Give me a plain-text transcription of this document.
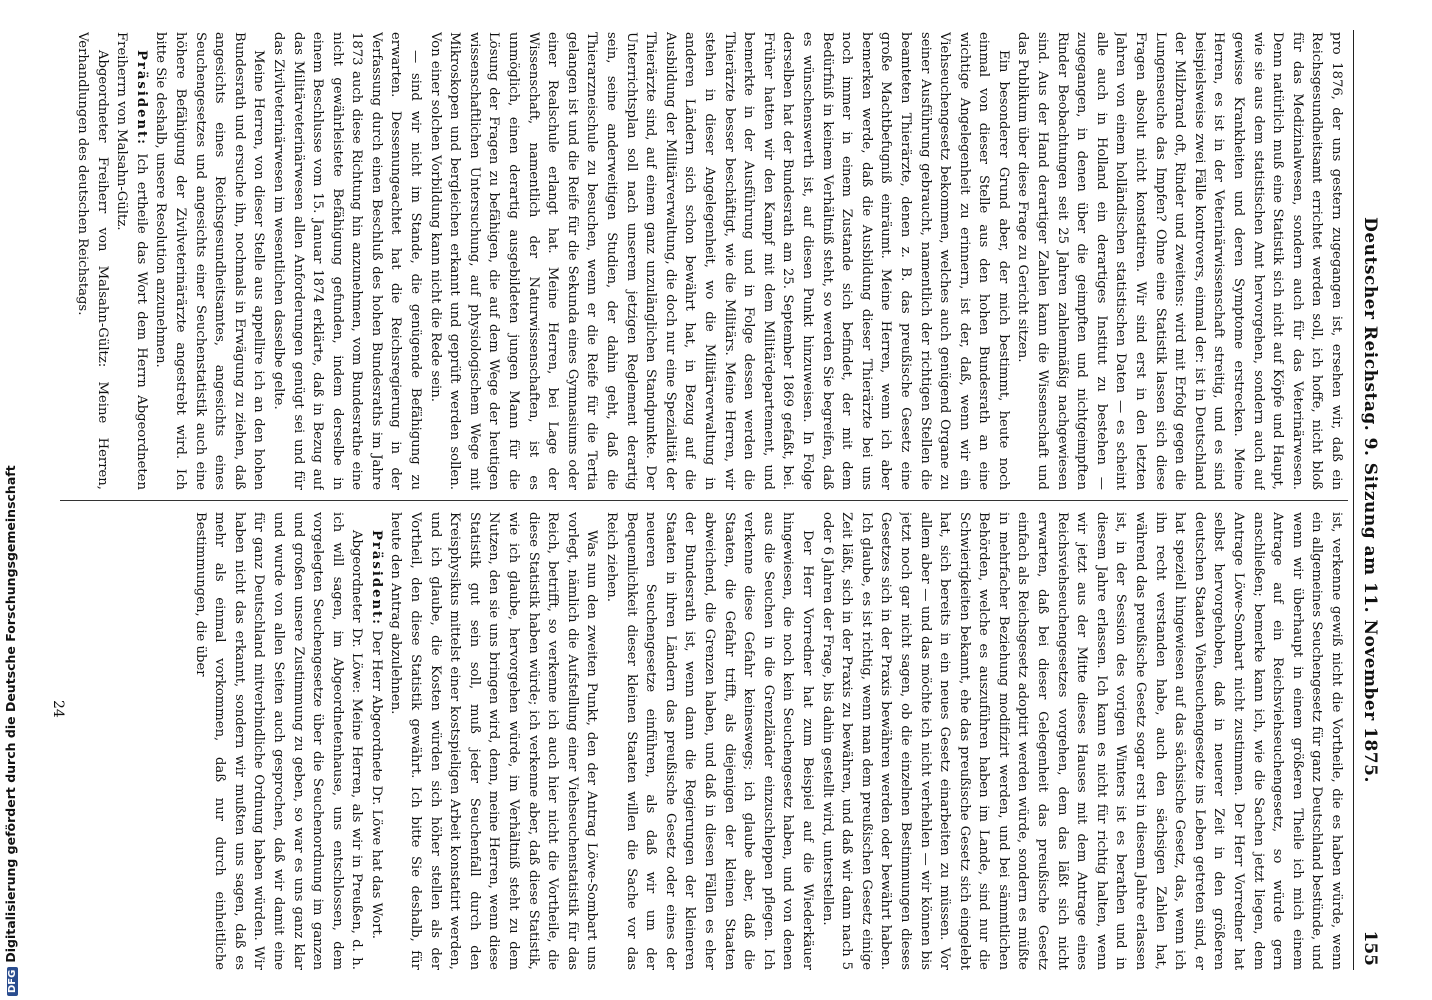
Deutscher Reichstag. 9. Sitzung am 11. November 1875.
155

pro 1876, der uns gestern zugegangen ist, ersehen wir, daß ein Reichsgesundheitsamt errichtet werden soll, ich hoffe, nicht bloß für das Medizinalwesen, sondern auch für das Veterinärwesen. Denn natürlich muß eine Statistik sich nicht auf Köpfe und Haupt, wie sie aus dem statistischen Amt hervorgehen, sondern auch auf gewisse Krankheiten und deren Symptome erstrecken. Meine Herren, es ist in der Veterinärwissenschaft streitig, und es sind beispielsweise zwei Fälle kontrovers, einmal der: ist in Deutschland der Milzbrand oft, Rinder und zweitens: wird mit Erfolg gegen die Lungenseuche das Impfen? Ohne eine Statistik lassen sich diese Fragen absolut nicht konstatiren. Wir sind erst in den letzten Jahren von einem holländischen statistischen Daten — es scheint alle auch in Holland ein derartiges Institut zu bestehen — zugegangen, in denen über die geimpften und nichtgeimpften Rinder Beobachtungen seit 25 Jahren zahlenmäßig nachgewiesen sind. Aus der Hand derartiger Zahlen kann die Wissenschaft und das Publikum über diese Frage zu Gericht sitzen.

Ein besonderer Grund aber, der mich bestimmt, heute noch einmal von dieser Stelle aus den hohen Bundesrath an eine wichtige Angelegenheit zu erinnern, ist der, daß, wenn wir ein Viehseuchengesetz bekommen, welches auch genügend Organe zu seiner Ausführung gebraucht, namentlich der richtigen Stellen die beamteten Thierärzte, denen z. B. das preußische Gesetz eine große Machtbefugniß einräumt. Meine Herren, wenn ich aber bemerken werde, daß die Ausbildung dieser Thierärzte bei uns noch immer in einem Zustande sich befindet, der mit dem Bedürfniß in keinem Verhältniß steht, so werden Sie begreifen, daß es wünschenswerth ist, auf diesen Punkt hinzuweisen. In Folge derselben hat der Bundesrath am 25. September 1869 gefaßt, bei. Früher hatten wir den Kampf mit dem Militärdepartement, und bemerkte in der Ausführung und in Folge dessen werden die Thierärzte besser beschäftigt, wie die Militärs. Meine Herren, wir stehen in dieser Angelegenheit, wo die Militärverwaltung in anderen Ländern sich schon bewährt hat, in Bezug auf die Ausbildung der Militärverwaltung, die doch nur eine Spezialität der Thierärzte sind, auf einem ganz unzulänglichen Standpunkte. Der Unterrichtsplan soll nach unserem jetzigen Reglement derartig sein, seine anderweitigen Studien, der dahin geht, daß die Thierarzneischule zu besuchen, wenn er die Reife für die Tertia gelangen ist und die Reife für die Sekunda eines Gymnasiums oder einer Realschule erlangt hat. Meine Herren, bei Lage der Wissenschaft, namentlich der Naturwissenschaften, ist es unmöglich, einen derartig ausgebildeten jungen Mann für die Lösung der Fragen zu befähigen, die auf dem Wege der heutigen wissenschaftlichen Untersuchung, auf physiologischem Wege mit Mikroskopen und bergleichen erkannt und geprüft werden sollen. Von einer solchen Vorbildung kann nicht die Rede sein.

— sind wir nicht im Stande, die genügende Befähigung zu erwarten. Dessenungeachtet hat die Reichsregierung in der Verfassung durch einen Beschluß des hohen Bundesraths im Jahre 1873 auch diese Richtung hin anzunehmen, vom Bundesrathe eine nicht gewährleistete Befähigung gefunden, indem derselbe in einem Beschlusse vom 15. Januar 1874 erklärte, daß in Bezug auf das Militärveterinärwesen allen Anforderungen genügt sei und für das Zivilveterinärwesen im wesentlichen dasselbe gelte.

Meine Herren, von dieser Stelle aus appellire ich an den hohen Bundesrath und ersuche ihn, nochmals in Erwägung zu ziehen, daß angesichts eines Reichsgesundheitsamtes, angesichts eines Seuchengesetzes und angesichts einer Seuchenstatistik auch eine höhere Befähigung der Zivilveterinärärzte angestrebt wird. Ich bitte Sie deshalb, unsere Resolution anzunehmen.

Präsident: Ich ertheile das Wort dem Herrn Abgeordneten Freiherrn von Malsahn-Gültz.

Abgeordneter Freiherr von Malsahn-Gültz: Meine Herren, Verhandlungen des deutschen Reichstags.

ist, verkenne gewiß nicht die Vortheile, die es haben würde, wenn ein allgemeines Seuchengesetz für ganz Deutschland bestünde, und wenn wir überhaupt in einem größeren Theile ich mich einem Antrage auf ein Reichsviehseuchengesetz, so würde gern anschließen; bemerke kann ich, wie die Sachen jetzt liegen, dem Antrage Löwe-Sombart nicht zustimmen. Der Herr Vorredner hat selbst hervorgehoben, daß in neuerer Zeit in den größeren deutschen Staaten Viehseuchengesetze ins Leben getreten sind, er hat speziell hingewiesen auf das sächsische Gesetz, das, wenn ich ihn recht verstanden habe, auch den sächsigen Zahlen hat, während das preußische Gesetz sogar erst in diesem Jahre erlassen ist, in der Session des vorigen Winters ist es berathen und in diesem Jahre erlassen. Ich kann es nicht für richtig halten, wenn wir jetzt aus der Mitte dieses Hauses mit dem Antrage eines Reichsviehseuchengesetzes vorgehen, dem das läßt sich nicht erwarten, daß bei dieser Gelegenheit das preußische Gesetz einfach als Reichsgesetz adoptirt werden würde, sondern es müßte in mehrfacher Beziehung modifizirt werden, und bei sämmtlichen Behörden, welche es auszuführen haben im Lande, sind nur die Schwierigkeiten bekannt, ehe das preußische Gesetz sich eingelebt hat, sich bereits in ein neues Gesetz einarbeiten zu müssen. Vor allem aber — und das möchte ich nicht verhehlen — wir können bis jetzt noch gar nicht sagen, ob die einzelnen Bestimmungen dieses Gesetzes sich in der Praxis bewähren werden oder bewährt haben. Ich glaube, es ist richtig, wenn man dem preußischen Gesetz einige Zeit läßt, sich in der Praxis zu bewähren, und daß wir dann nach 5 oder 6 Jahren der Frage, bis dahin gestellt wird, unterstellen.

Der Herr Vorredner hat zum Beispiel auf die Wiederkäuer hingewiesen, die noch kein Seuchengesetz haben, und von denen aus die Seuchen in die Grenzländer einzuschleppen pflegen. Ich verkenne diese Gefahr keineswegs; ich glaube aber, daß die Staaten, die Gefahr trifft, als diejenigen der kleinen Staaten abweichend, die Grenzen haben, und daß in diesen Fällen es eher der Bundesrath ist, wenn dann die Regierungen der kleineren Staaten in ihren Ländern das preußische Gesetz oder eines der neueren Seuchengesetze einführen, als daß wir um der Bequemlichkeit dieser kleinen Staaten willen die Sache vor das Reich ziehen.

Was nun den zweiten Punkt, den der Antrag Löwe-Sombart uns vorlegt, nämlich die Aufstellung einer Viehseuchenstatistik für das Reich, betrifft, so verkenne ich auch hier nicht die Vortheile, die diese Statistik haben würde; ich verkenne aber, daß diese Statistik, wie ich glaube, hervorgehen würde, im Verhältniß steht zu dem Nutzen, den sie uns bringen wird, denn, meine Herren, wenn diese Statistik gut sein soll, muß jeder Seuchenfall durch den Kreisphysikus mittelst einer kostspieligen Arbeit konstatirt werden, und ich glaube, die Kosten würden sich höher stellen als der Vortheil, den diese Statistik gewährt. Ich bitte Sie deshalb, für heute den Antrag abzulehnen.

Präsident: Der Herr Abgeordnete Dr. Löwe hat das Wort.

Abgeordneter Dr. Löwe: Meine Herren, als wir in Preußen, d. h. ich will sagen, im Abgeordnetenhause, uns entschlossen, dem vorgelegten Seuchengesetze über die Seuchenordnung im ganzen und großen unsere Zustimmung zu geben, so war es uns ganz klar und wurde von allen Seiten auch gesprochen, daß wir damit eine für ganz Deutschland mitverbindliche Ordnung haben würden. Wir haben nicht das erkannt, sondern wir mußten uns sagen, daß es mehr als einmal vorkommen, daß nur durch einheitliche Bestimmungen, die über

24
DFGDigitalisierung gefördert durch die Deutsche Forschungsgemeinschaft
